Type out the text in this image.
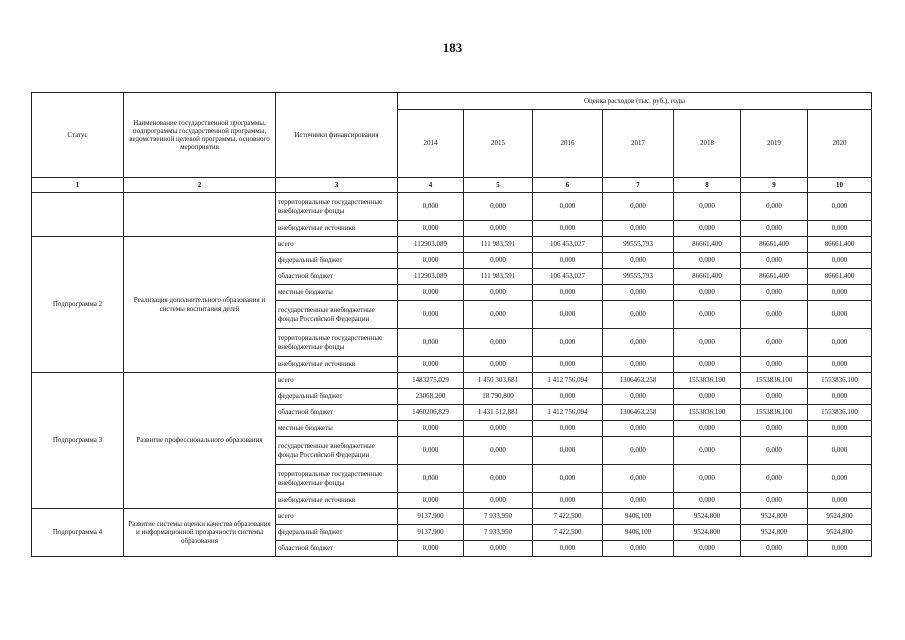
183
Статус	Наименование государственной программы, подпрограммы государственной программы, ведомственной целевой программы, основного мероприятия	Источники финансирования	Оценка расходов (тыс. руб.), годы						
			2014	2015	2016	2017	2018	2019	2020
1	2	3	4	5	6	7	8	9	10
		территориальные государственные внебюджетные фонды	0,000	0,000	0,000	0,000	0,000	0,000	0,000
		внебюджетные источники	0,000	0,000	0,000	0,000	0,000	0,000	0,000
Подпрограмма 2	Реализация дополнительного образования и системы воспитания детей	всего	112903,089	111 983,591	106 453,027	99555,793	86661,400	86661,400	86661,400
		федеральный бюджет	0,000	0,000	0,000	0,000	0,000	0,000	0,000
		областной бюджет	112903,089	111 983,591	106 453,027	99555,793	86661,400	86661,400	86661,400
		местные бюджеты	0,000	0,000	0,000	0,000	0,000	0,000	0,000
		государственные внебюджетные фонды Российской Федерации	0,000	0,000	0,000	0,000	0,000	0,000	0,000
		территориальные государственные внебюджетные фонды	0,000	0,000	0,000	0,000	0,000	0,000	0,000
		внебюджетные источники	0,000	0,000	0,000	0,000	0,000	0,000	0,000
Подпрограмма 3	Развитие профессионального образования	всего	1483275,029	1 450 303,681	1 412 756,094	1306463,258	1553836,100	1553836,100	1553836,100
		федеральный бюджет	23068,200	18 790,800	0,000	0,000	0,000	0,000	0,000
		областной бюджет	1460206,829	1 431 512,881	1 412 756,094	1306463,258	1553836,100	1553836,100	1553836,100
		местные бюджеты	0,000	0,000	0,000	0,000	0,000	0,000	0,000
		государственные внебюджетные фонды Российской Федерации	0,000	0,000	0,000	0,000	0,000	0,000	0,000
		территориальные государственные внебюджетные фонды	0,000	0,000	0,000	0,000	0,000	0,000	0,000
		внебюджетные источники	0,000	0,000	0,000	0,000	0,000	0,000	0,000
Подпрограмма 4	Развитие системы оценки качества образования и информационной прозрачности системы образования	всего	9137,900	7 933,950	7 422,500	9406,100	9524,800	9524,800	9524,800
		федеральный бюджет	9137,900	7 933,950	7 422,500	9406,100	9524,800	9524,800	9524,800
		областной бюджет	0,000	0,000	0,000	0,000	0,000	0,000	0,000
